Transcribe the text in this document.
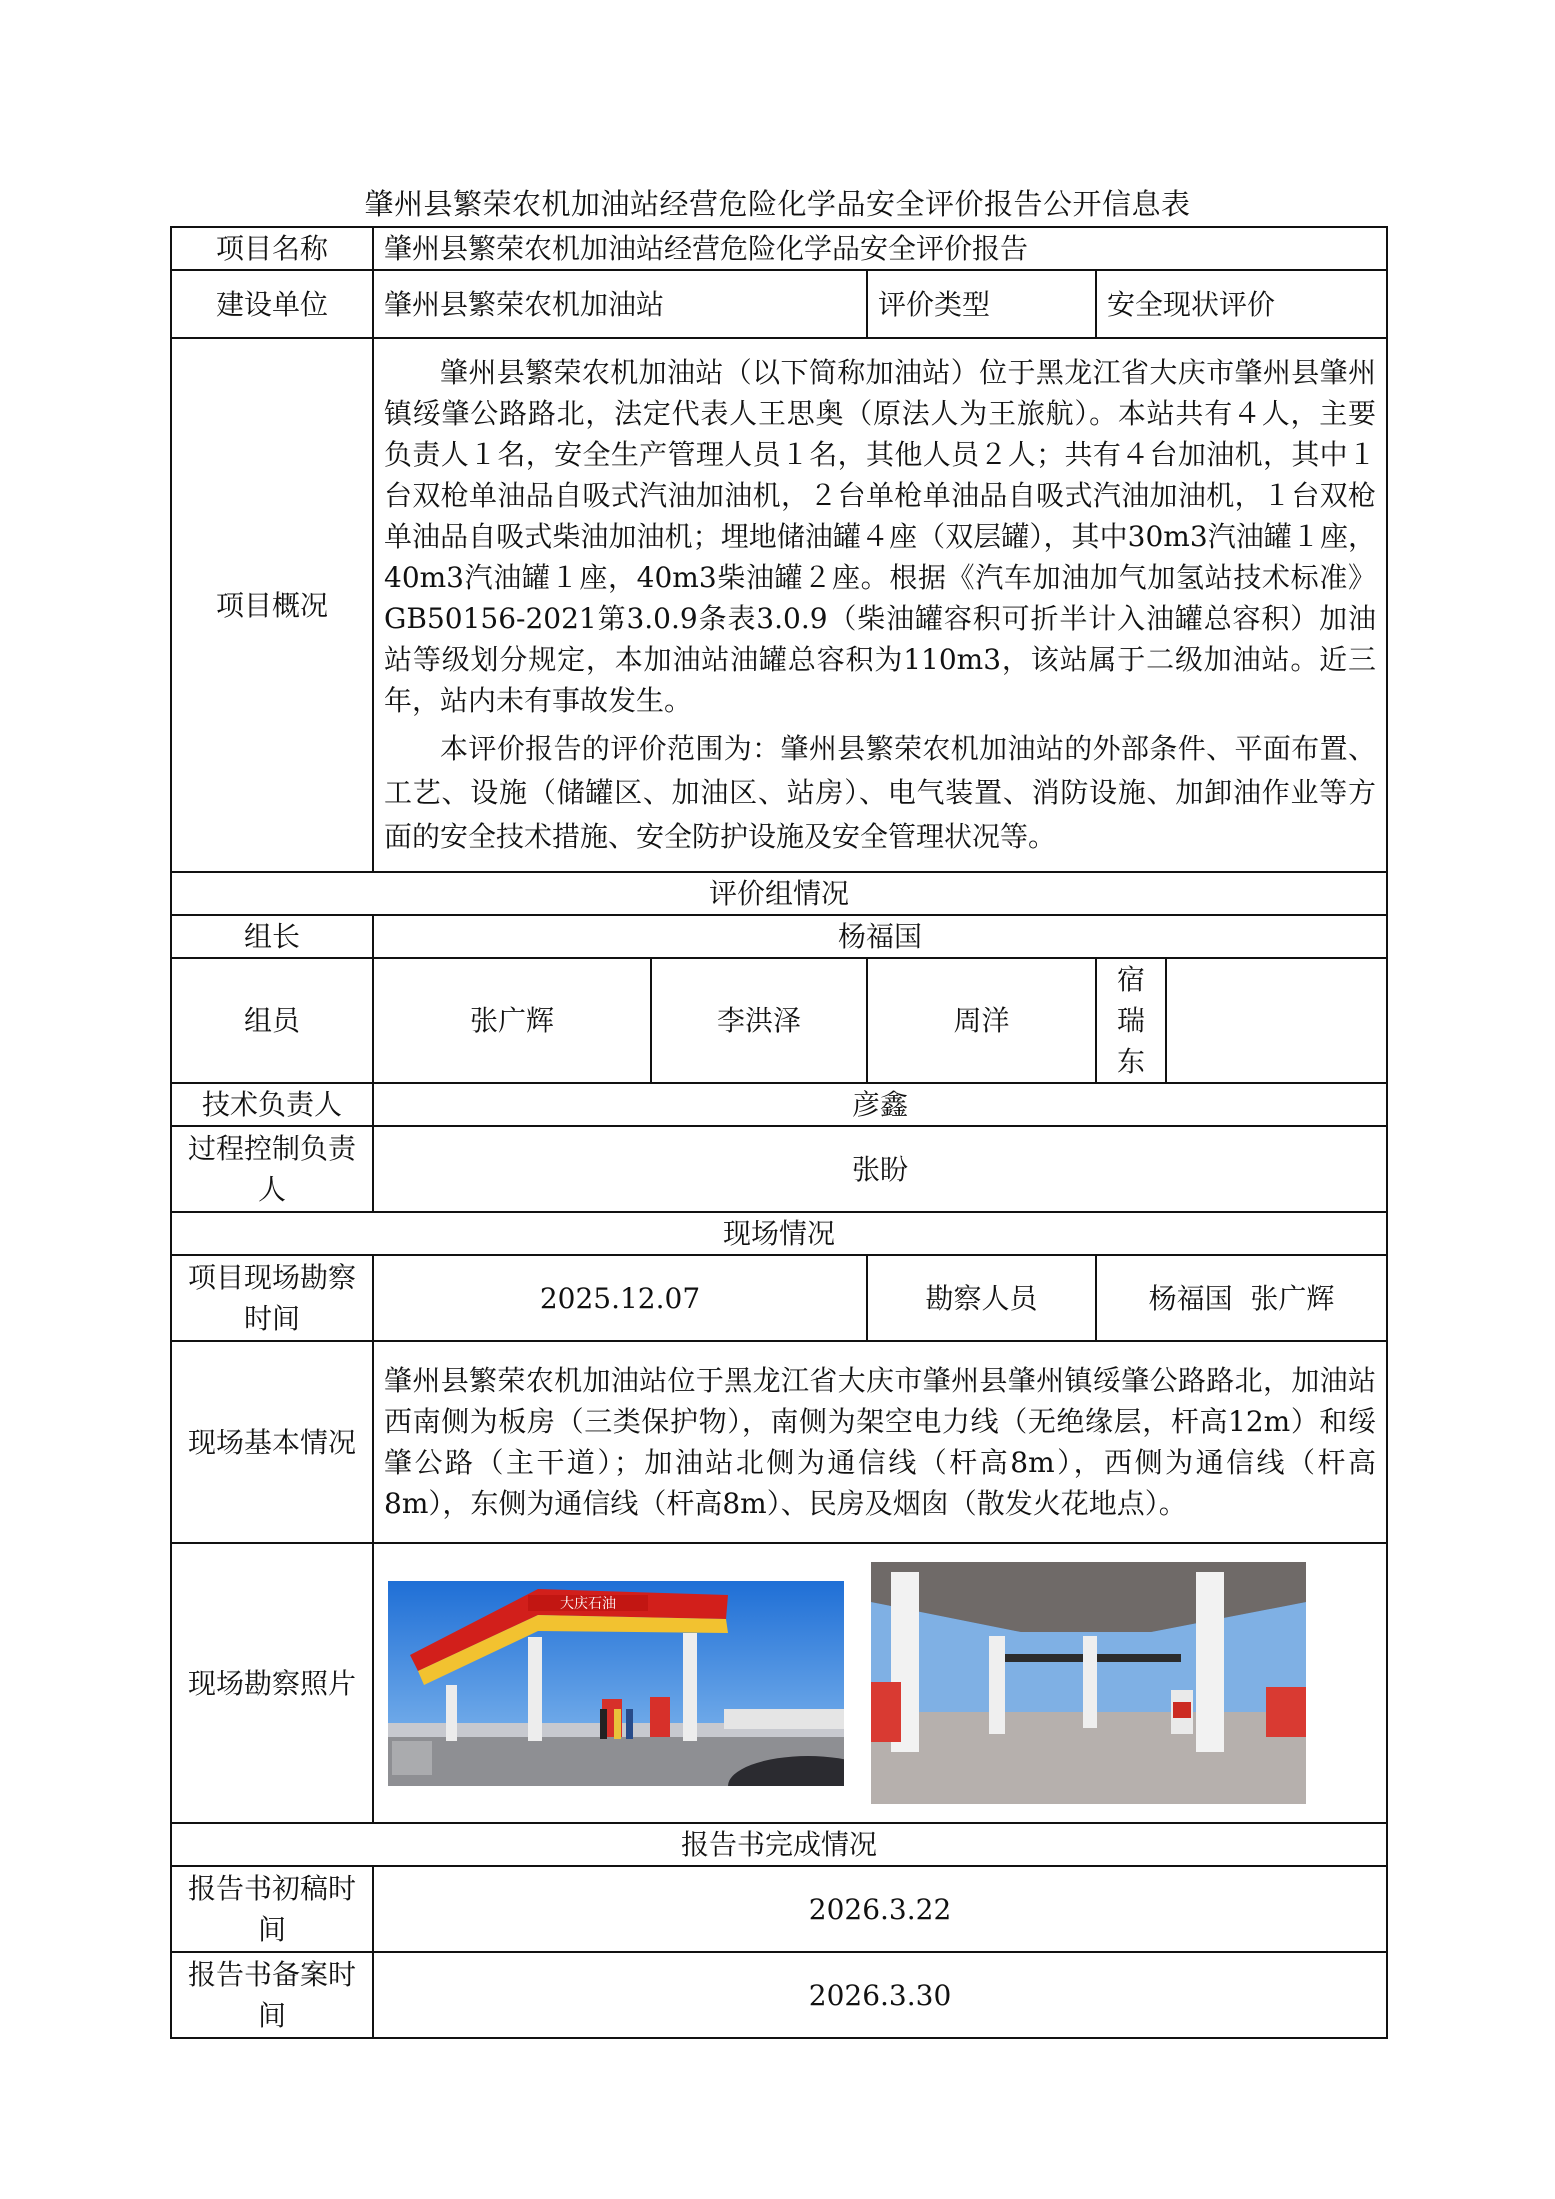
肇州县繁荣农机加油站经营危险化学品安全评价报告公开信息表
项目名称	肇州县繁荣农机加油站经营危险化学品安全评价报告				
建设单位	肇州县繁荣农机加油站		评价类型	安全现状评价	
项目概况	肇州县繁荣农机加油站（以下简称加油站）位于黑龙江省大庆市肇州县肇州镇绥肇公路路北，法定代表人王思奥（原法人为王旅航）。本站共有４人，主要负责人１名，安全生产管理人员１名，其他人员２人；共有４台加油机，其中１台双枪单油品自吸式汽油加油机，２台单枪单油品自吸式汽油加油机，１台双枪单油品自吸式柴油加油机；埋地储油罐４座（双层罐），其中30m3汽油罐１座，40m3汽油罐１座，40m3柴油罐２座。根据《汽车加油加气加氢站技术标准》GB50156-2021第3.0.9条表3.0.9（柴油罐容积可折半计入油罐总容积）加油站等级划分规定，本加油站油罐总容积为110m3，该站属于二级加油站。近三年，站内未有事故发生。

本评价报告的评价范围为：肇州县繁荣农机加油站的外部条件、平面布置、工艺、设施（储罐区、加油区、站房）、电气装置、消防设施、加卸油作业等方面的安全技术措施、安全防护设施及安全管理状况等。				

评价组情况					
组长	杨福国				
组员	张广辉	李洪泽	周洋	宿瑞东	
技术负责人	彦鑫				
过程控制负责人	张盼				
现场情况					
项目现场勘察时间	2025.12.07		勘察人员	杨福国  张广辉	
现场基本情况	肇州县繁荣农机加油站位于黑龙江省大庆市肇州县肇州镇绥肇公路路北，加油站西南侧为板房（三类保护物），南侧为架空电力线（无绝缘层，杆高12m）和绥肇公路（主干道）；加油站北侧为通信线（杆高8m），西侧为通信线（杆高8m），东侧为通信线（杆高8m）、民房及烟囱（散发火花地点）。				
现场勘察照片	大庆石油				

报告书完成情况					
报告书初稿时间	2026.3.22				
报告书备案时间	2026.3.30				
